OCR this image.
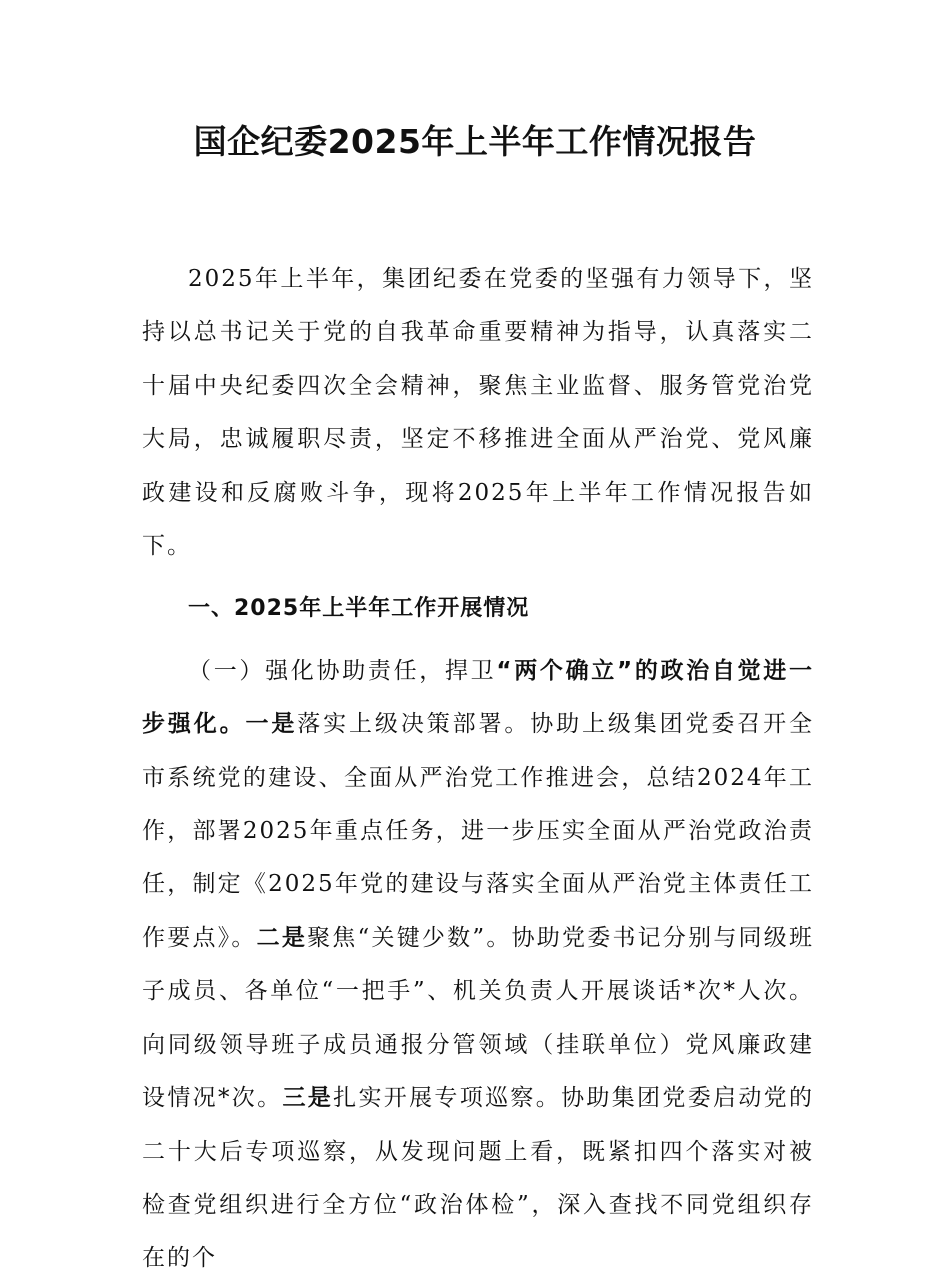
国企纪委2025年上半年工作情况报告

2025年上半年，集团纪委在党委的坚强有力领导下，坚持以总书记关于党的自我革命重要精神为指导，认真落实二十届中央纪委四次全会精神，聚焦主业监督、服务管党治党大局，忠诚履职尽责，坚定不移推进全面从严治党、党风廉政建设和反腐败斗争，现将2025年上半年工作情况报告如下。

一、2025年上半年工作开展情况

（一）强化协助责任，捍卫“两个确立”的政治自觉进一步强化。一是落实上级决策部署。协助上级集团党委召开全市系统党的建设、全面从严治党工作推进会，总结2024年工作，部署2025年重点任务，进一步压实全面从严治党政治责任，制定《2025年党的建设与落实全面从严治党主体责任工作要点》。二是聚焦“关键少数”。协助党委书记分别与同级班子成员、各单位“一把手”、机关负责人开展谈话*次*人次。向同级领导班子成员通报分管领域（挂联单位）党风廉政建设情况*次。三是扎实开展专项巡察。协助集团党委启动党的二十大后专项巡察，从发现问题上看，既紧扣四个落实对被检查党组织进行全方位“政治体检”，深入查找不同党组织存在的个
